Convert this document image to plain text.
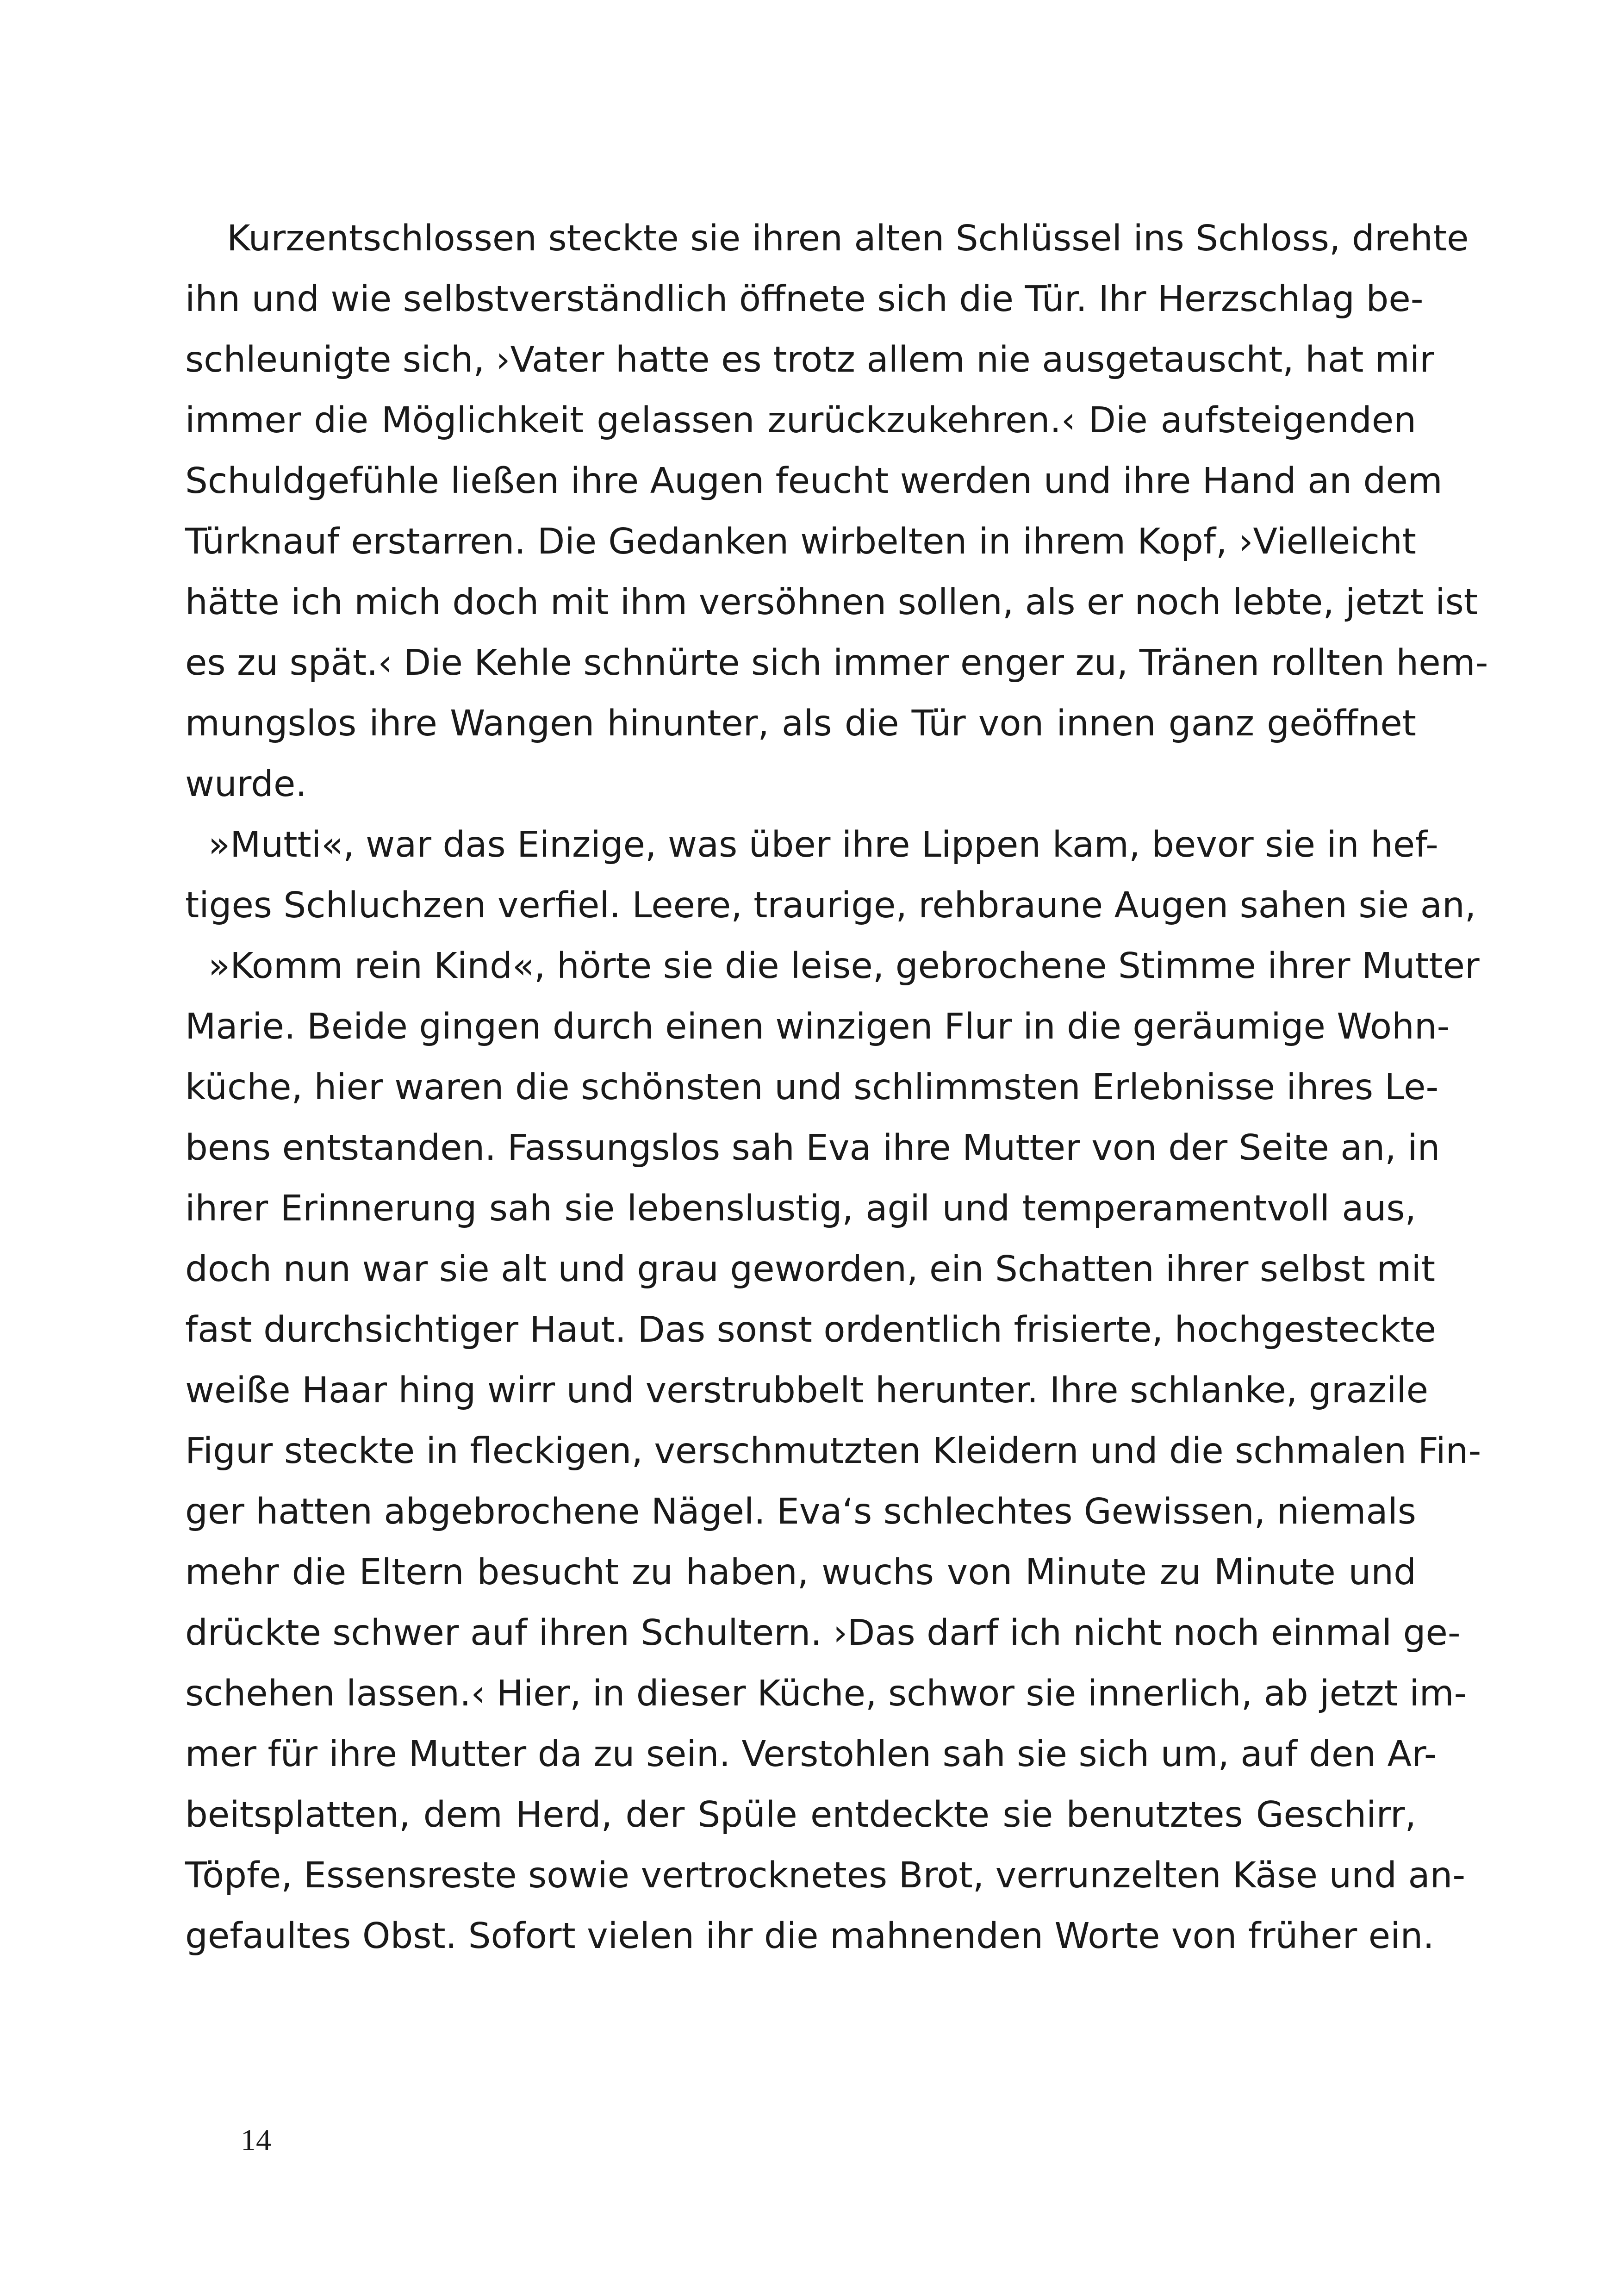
Kurzentschlossen steckte sie ihren alten Schlüssel ins Schloss, drehte
ihn und wie selbstverständlich öffnete sich die Tür. Ihr Herzschlag be-
schleunigte sich, ›Vater hatte es trotz allem nie ausgetauscht, hat mir
immer die Möglichkeit gelassen zurückzukehren.‹ Die aufsteigenden
Schuldgefühle ließen ihre Augen feucht werden und ihre Hand an dem
Türknauf erstarren. Die Gedanken wirbelten in ihrem Kopf, ›Vielleicht
hätte ich mich doch mit ihm versöhnen sollen, als er noch lebte, jetzt ist
es zu spät.‹ Die Kehle schnürte sich immer enger zu, Tränen rollten hem-
mungslos ihre Wangen hinunter, als die Tür von innen ganz geöffnet
wurde.
»Mutti«, war das Einzige, was über ihre Lippen kam, bevor sie in hef-
tiges Schluchzen verfiel. Leere, traurige, rehbraune Augen sahen sie an,
»Komm rein Kind«, hörte sie die leise, gebrochene Stimme ihrer Mutter
Marie. Beide gingen durch einen winzigen Flur in die geräumige Wohn-
küche, hier waren die schönsten und schlimmsten Erlebnisse ihres Le-
bens entstanden. Fassungslos sah Eva ihre Mutter von der Seite an, in
ihrer Erinnerung sah sie lebenslustig, agil und temperamentvoll aus,
doch nun war sie alt und grau geworden, ein Schatten ihrer selbst mit
fast durchsichtiger Haut. Das sonst ordentlich frisierte, hochgesteckte
weiße Haar hing wirr und verstrubbelt herunter. Ihre schlanke, grazile
Figur steckte in fleckigen, verschmutzten Kleidern und die schmalen Fin-
ger hatten abgebrochene Nägel. Eva‘s schlechtes Gewissen, niemals
mehr die Eltern besucht zu haben, wuchs von Minute zu Minute und
drückte schwer auf ihren Schultern. ›Das darf ich nicht noch einmal ge-
schehen lassen.‹ Hier, in dieser Küche, schwor sie innerlich, ab jetzt im-
mer für ihre Mutter da zu sein. Verstohlen sah sie sich um, auf den Ar-
beitsplatten, dem Herd, der Spüle entdeckte sie benutztes Geschirr,
Töpfe, Essensreste sowie vertrocknetes Brot, verrunzelten Käse und an-
gefaultes Obst. Sofort vielen ihr die mahnenden Worte von früher ein.
14
